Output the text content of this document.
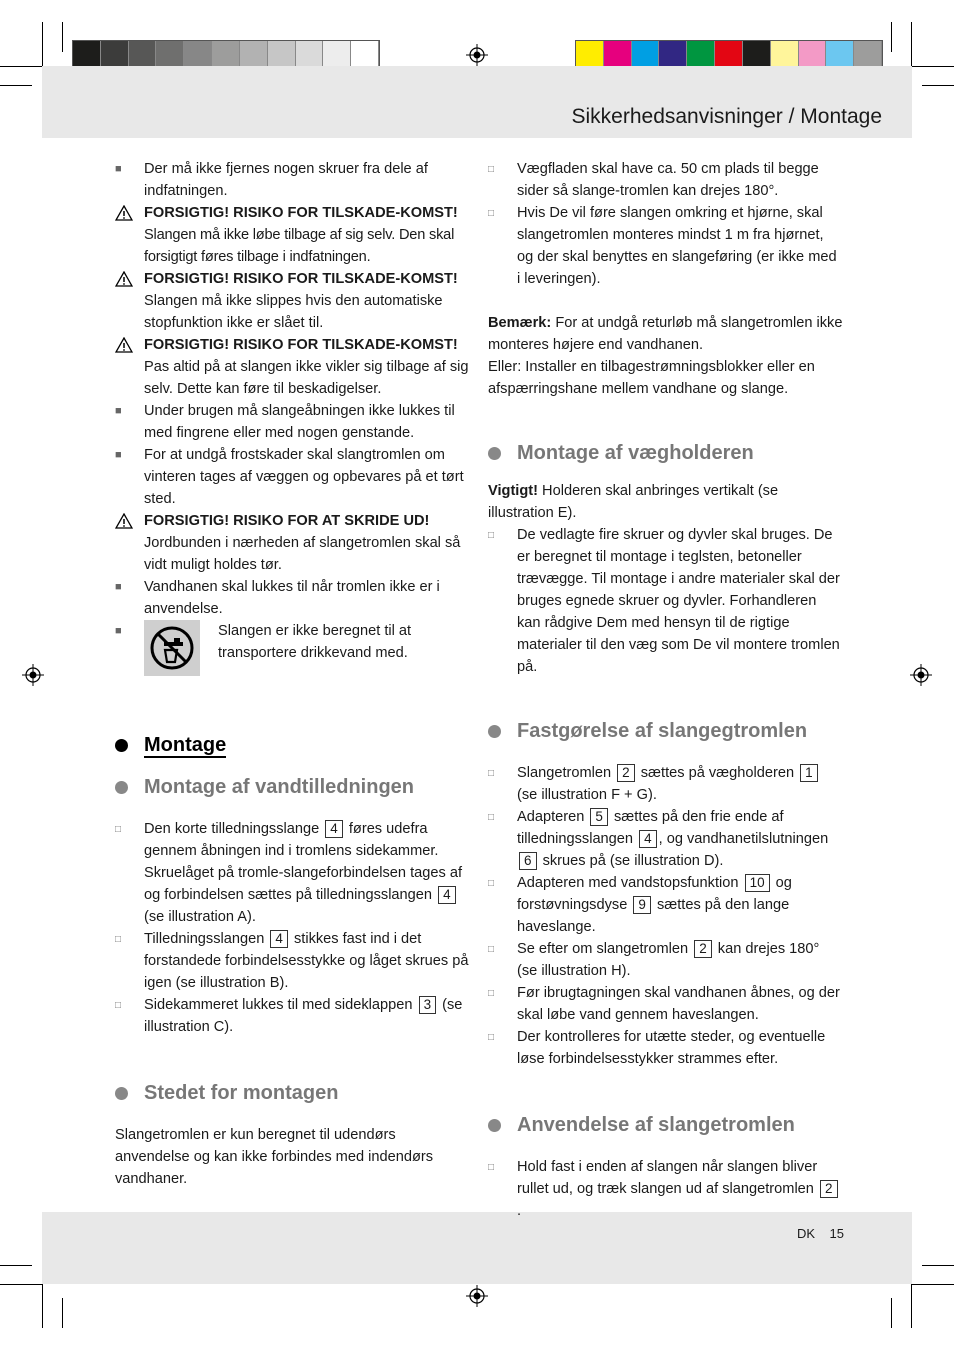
Sikkerhedsanvisninger / Montage
DK 15
■	Der må ikke fjernes nogen skruer fra dele af indfatningen.
FORSIGTIG! RISIKO FOR TILSKADE-KOMST! Slangen må ikke løbe tilbage af sig selv. Den skal forsigtigt føres tilbage i indfatningen.
FORSIGTIG! RISIKO FOR TILSKADE-KOMST! Slangen må ikke slippes hvis den automatiske stopfunktion ikke er slået til.
FORSIGTIG! RISIKO FOR TILSKADE-KOMST! Pas altid på at slangen ikke vikler sig tilbage af sig selv. Dette kan føre til beskadigelser.
■	Under brugen må slangeåbningen ikke lukkes til med fingrene eller med nogen genstande.
■	For at undgå frostskader skal slangtromlen om vinteren tages af væggen og opbevares på et tørt sted.
FORSIGTIG! RISIKO FOR AT SKRIDE UD!
Jordbunden i nærheden af slangetromlen skal så vidt muligt holdes tør.
■	Vandhanen skal lukkes til når tromlen ikke er i anvendelse.
■	Slangen er ikke beregnet til at transportere drikkevand med.
Montage
Montage af vandtilledningen
□	Den korte tilledningsslange 4 føres udefra gennem åbningen ind i tromlens sidekammer. Skruelåget på tromle-slangeforbindelsen tages af og forbindelsen sættes på tilledningsslangen 4 (se illustration A).
□	Tilledningsslangen 4 stikkes fast ind i det forstandede forbindelsesstykke og låget skrues på igen (se illustration B).
□	Sidekammeret lukkes til med sideklappen 3 (se illustration C).
Stedet for montagen

Slangetromlen er kun beregnet til udendørs anvendelse og kan ikke forbindes med indendørs vandhaner.

□	Vægfladen skal have ca. 50 cm plads til begge sider så slange-tromlen kan drejes 180°.
□	Hvis De vil føre slangen omkring et hjørne, skal slangetromlen monteres mindst 1 m fra hjørnet, og der skal benyttes en slangeføring (er ikke med i leveringen).

Bemærk: For at undgå returløb må slangetromlen ikke monteres højere end vandhanen.

Eller: Installer en tilbagestrømningsblokker eller en afspærringshane mellem vandhane og slange.

Montage af vægholderen

Vigtigt! Holderen skal anbringes vertikalt (se illustration E).

□	De vedlagte fire skruer og dyvler skal bruges. De er beregnet til montage i teglsten, betoneller trævægge. Til montage i andre materialer skal der bruges egnede skruer og dyvler. Forhandleren kan rådgive Dem med hensyn til de rigtige materialer til den væg som De vil montere tromlen på.
Fastgørelse af slangegtromlen
□	Slangetromlen 2 sættes på vægholderen 1 (se illustration F + G).
□	Adapteren 5 sættes på den frie ende af tilledningsslangen 4 , og vandhanetilslutningen 6 skrues på (se illustration D).
□	Adapteren med vandstopsfunktion 10 og forstøvningsdyse 9 sættes på den lange haveslange.
□	Se efter om slangetromlen 2 kan drejes 180° (se illustration H).
□	Før ibrugtagningen skal vandhanen åbnes, og der skal løbe vand gennem haveslangen.
□	Der kontrolleres for utætte steder, og eventuelle løse forbindelsesstykker strammes efter.
Anvendelse af slangetromlen
□	Hold fast i enden af slangen når slangen bliver rullet ud, og træk slangen ud af slangetromlen 2.
